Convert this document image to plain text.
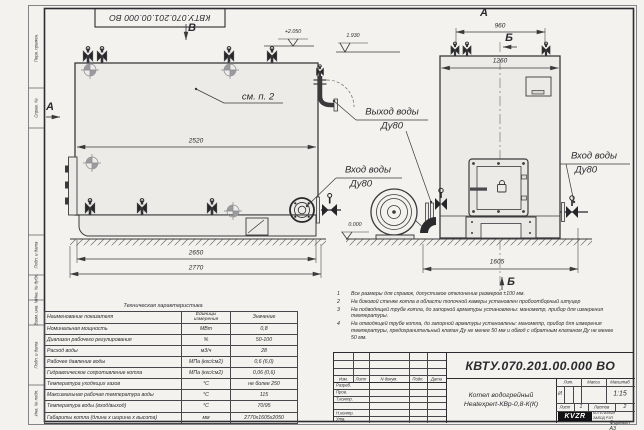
КВТУ.070.201.00.000 ВО
Перв. примен.
Справ. №
Подп. и дата
Инв. № дубл.
Взам. инв. №
Подп. и дата
Инв. № подл.
В
А
А
Б
Б
2520
2650
2770
960
1260
1605
+2.050
1.930
0.000
см. п. 2
Выход воды
Ду80
Вход воды
Ду80
Вход воды
Ду80
Техническая характеристика
Наименование показателя	Единицы измерения	Значение
Номинальная мощность	МВт	0,8
Диапазон рабочего регулирования	%	50-100
Расход воды	м3/ч	28
Рабочее давление воды	МПа (кгс/см2)	0,6 (6,0)
Гидравлическое сопротивление котла	МПа (кгс/см2)	0,06 (0,6)
Температура уходящих газов	°С	не более 250
Максимальная рабочая температура воды	°С	115
Температура воды (вход/выход)	°С	70/95
Габариты котла (длина х ширина х высота)	мм	2770х1605х2050
1	Все размеры для справок, допустимое отклонение размеров ±100 мм.
2	На боковой стенке котла в области топочной камеры установлен пробоотборный штуцер
3	На подводящей трубе котла, до запорной арматуры установлены: манометр, прибор для измерения температуры.
4	На отводящей трубе котла, до запорной арматуры установлены: манометр, прибор для измерения температуры, предохранительный клапан Ду не менее 50 мм и обвод с обратным клапаном Ду не менее 50 мм.
Изм. Лист	N докум.	Подп. Дата
Разраб.
Пров.
Т.контр.
Н.контр.
Утв.
КВТУ.070.201.00.000 ВО
Котел водогрейный
Heatexpert-КВр-0,8-К(К)
Лит.	Масса	Масштаб
И	1:15
Лист 1	Листов	2
KVZR	КОТЕЛЬНЫЙ
ЗАВОД РЭП
Формат А3
